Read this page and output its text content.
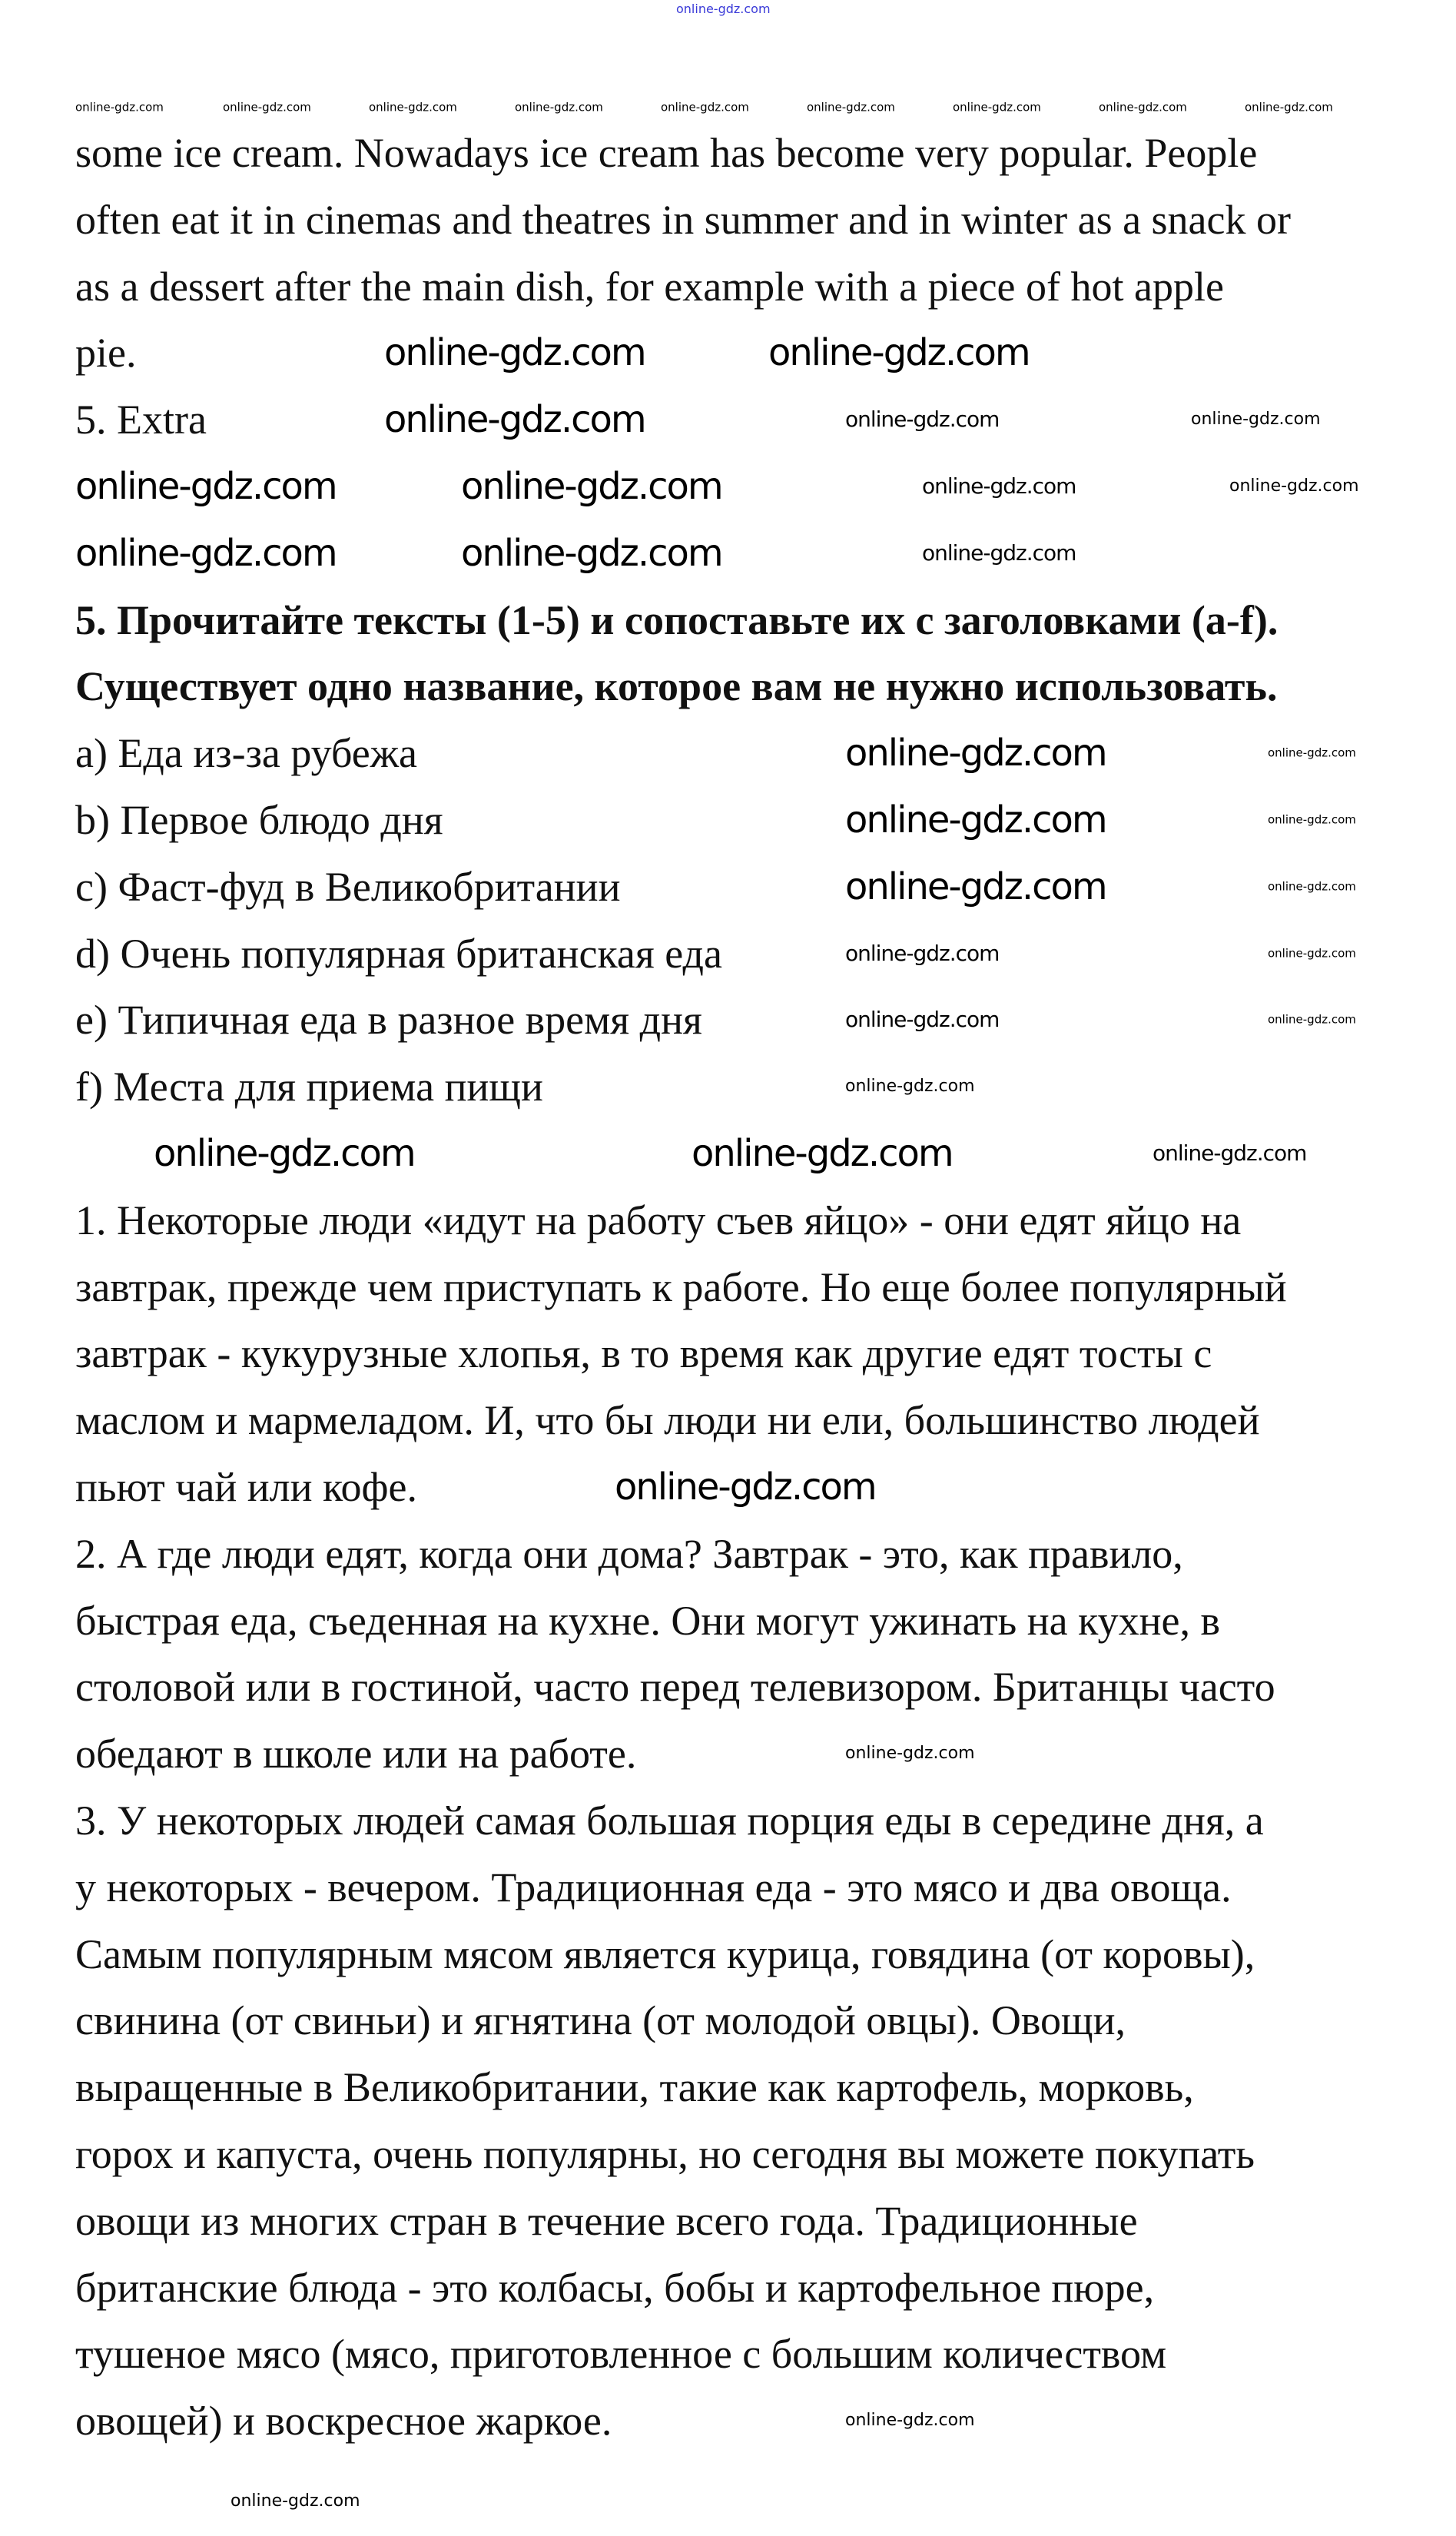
some ice cream. Nowadays ice cream has become very popular. People
often eat it in cinemas and theatres in summer and in winter as a snack or
as a dessert after the main dish, for example with a piece of hot apple
pie.
5. Extra
5. Прочитайте тексты (1-5) и сопоставьте их с заголовками (a-f).
Существует одно название, которое вам не нужно использовать.
a) Еда из-за рубежа
b) Первое блюдо дня
c) Фаст-фуд в Великобритании
d) Очень популярная британская еда
e) Типичная еда в разное время дня
f) Места для приема пищи
1. Некоторые люди «идут на работу съев яйцо» - они едят яйцо на
завтрак, прежде чем приступать к работе. Но еще более популярный
завтрак - кукурузные хлопья, в то время как другие едят тосты с
маслом и мармеладом. И, что бы люди ни ели, большинство людей
пьют чай или кофе.
2. А где люди едят, когда они дома? Завтрак - это, как правило,
быстрая еда, съеденная на кухне. Они могут ужинать на кухне, в
столовой или в гостиной, часто перед телевизором. Британцы часто
обедают в школе или на работе.
3. У некоторых людей самая большая порция еды в середине дня, а
у некоторых - вечером. Традиционная еда - это мясо и два овоща.
Самым популярным мясом является курица, говядина (от коровы),
свинина (от свиньи) и ягнятина (от молодой овцы). Овощи,
выращенные в Великобритании, такие как картофель, морковь,
горох и капуста, очень популярны, но сегодня вы можете покупать
овощи из многих стран в течение всего года. Традиционные
британские блюда - это колбасы, бобы и картофельное пюре,
тушеное мясо (мясо, приготовленное с большим количеством
овощей) и воскресное жаркое.
online-gdz.com
online-gdz.com	online-gdz.com	online-gdz.com	online-gdz.com	online-gdz.com	online-gdz.com	online-gdz.com	online-gdz.com	online-gdz.com
online-gdz.com	online-gdz.com
online-gdz.com	online-gdz.com	online-gdz.com
online-gdz.com	online-gdz.com	online-gdz.com	online-gdz.com
online-gdz.com	online-gdz.com	online-gdz.com
online-gdz.com	online-gdz.com
online-gdz.com	online-gdz.com
online-gdz.com	online-gdz.com
online-gdz.com	online-gdz.com
online-gdz.com	online-gdz.com
online-gdz.com
online-gdz.com	online-gdz.com	online-gdz.com
online-gdz.com
online-gdz.com
online-gdz.com
online-gdz.com
